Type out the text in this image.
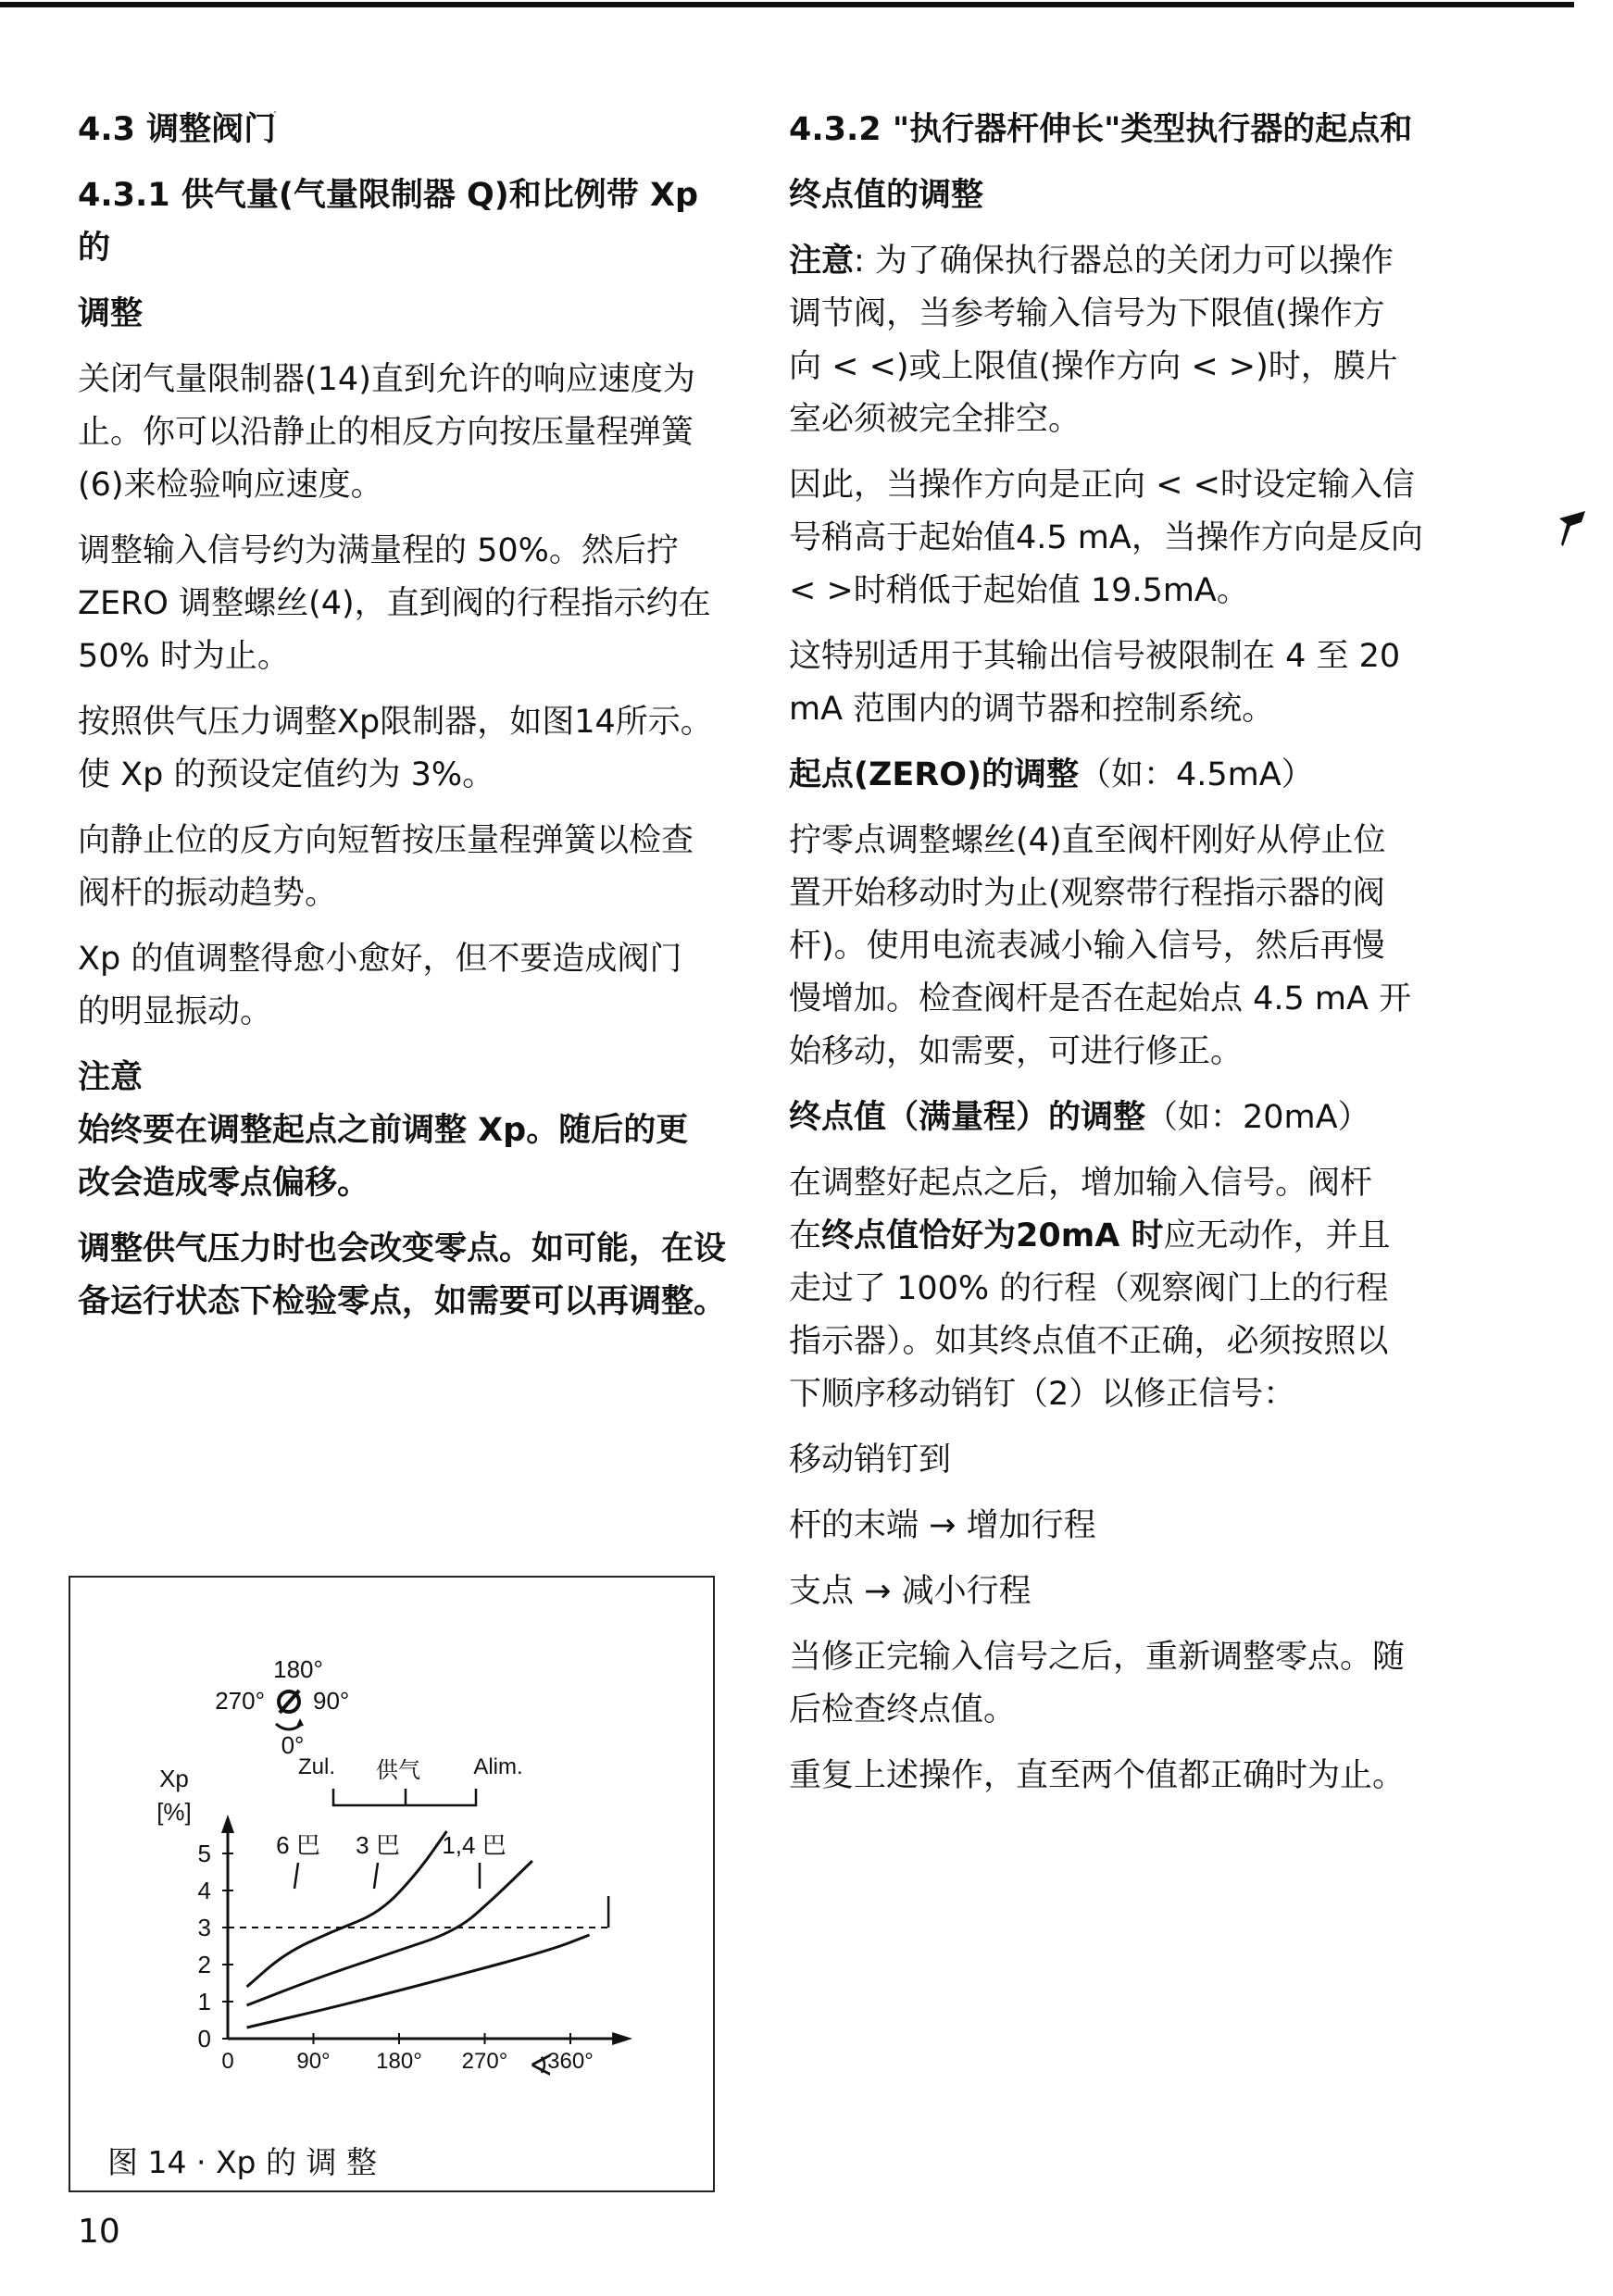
4.3 调整阀门

4.3.1 供气量(气量限制器 Q)和比例带 Xp 的

调整

关闭气量限制器(14)直到允许的响应速度为
止。你可以沿静止的相反方向按压量程弹簧
(6)来检验响应速度。
调整输入信号约为满量程的 50%。然后拧
ZERO 调整螺丝(4)，直到阀的行程指示约在
50% 时为止。
按照供气压力调整Xp限制器，如图14所示。
使 Xp 的预设定值约为 3%。
向静止位的反方向短暂按压量程弹簧以检查
阀杆的振动趋势。
Xp 的值调整得愈小愈好，但不要造成阀门
的明显振动。
注意
始终要在调整起点之前调整 Xp。随后的更
改会造成零点偏移。
调整供气压力时也会改变零点。如可能，在设
备运行状态下检验零点，如需要可以再调整。

4.3.2 "执行器杆伸长"类型执行器的起点和

终点值的调整

注意: 为了确保执行器总的关闭力可以操作
调节阀，当参考输入信号为下限值(操作方
向 < <)或上限值(操作方向 < >)时，膜片
室必须被完全排空。
因此，当操作方向是正向 < <时设定输入信
号稍高于起始值4.5 mA，当操作方向是反向
< >时稍低于起始值 19.5mA。
这特别适用于其输出信号被限制在 4 至 20
mA 范围内的调节器和控制系统。
起点(ZERO)的调整（如：4.5mA）
拧零点调整螺丝(4)直至阀杆刚好从停止位
置开始移动时为止(观察带行程指示器的阀
杆)。使用电流表减小输入信号，然后再慢
慢增加。检查阀杆是否在起始点 4.5 mA 开
始移动，如需要，可进行修正。
终点值（满量程）的调整（如：20mA）
在调整好起点之后，增加输入信号。阀杆
在终点值恰好为20mA 时应无动作，并且
走过了 100% 的行程（观察阀门上的行程
指示器）。如其终点值不正确，必须按照以
下顺序移动销钉（2）以修正信号：
移动销钉到
杆的末端 → 增加行程
支点 → 减小行程
当修正完输入信号之后，重新调整零点。随
后检查终点值。
重复上述操作，直至两个值都正确时为止。
180°
270° 90°
0°
Zul. 供气 Alim.
Xp
[%]
∢
0
1
2
3
4
5
0	90° 180° 270° 360°
6 巴 3 巴 1,4 巴
图 14 · Xp 的 调 整
10
